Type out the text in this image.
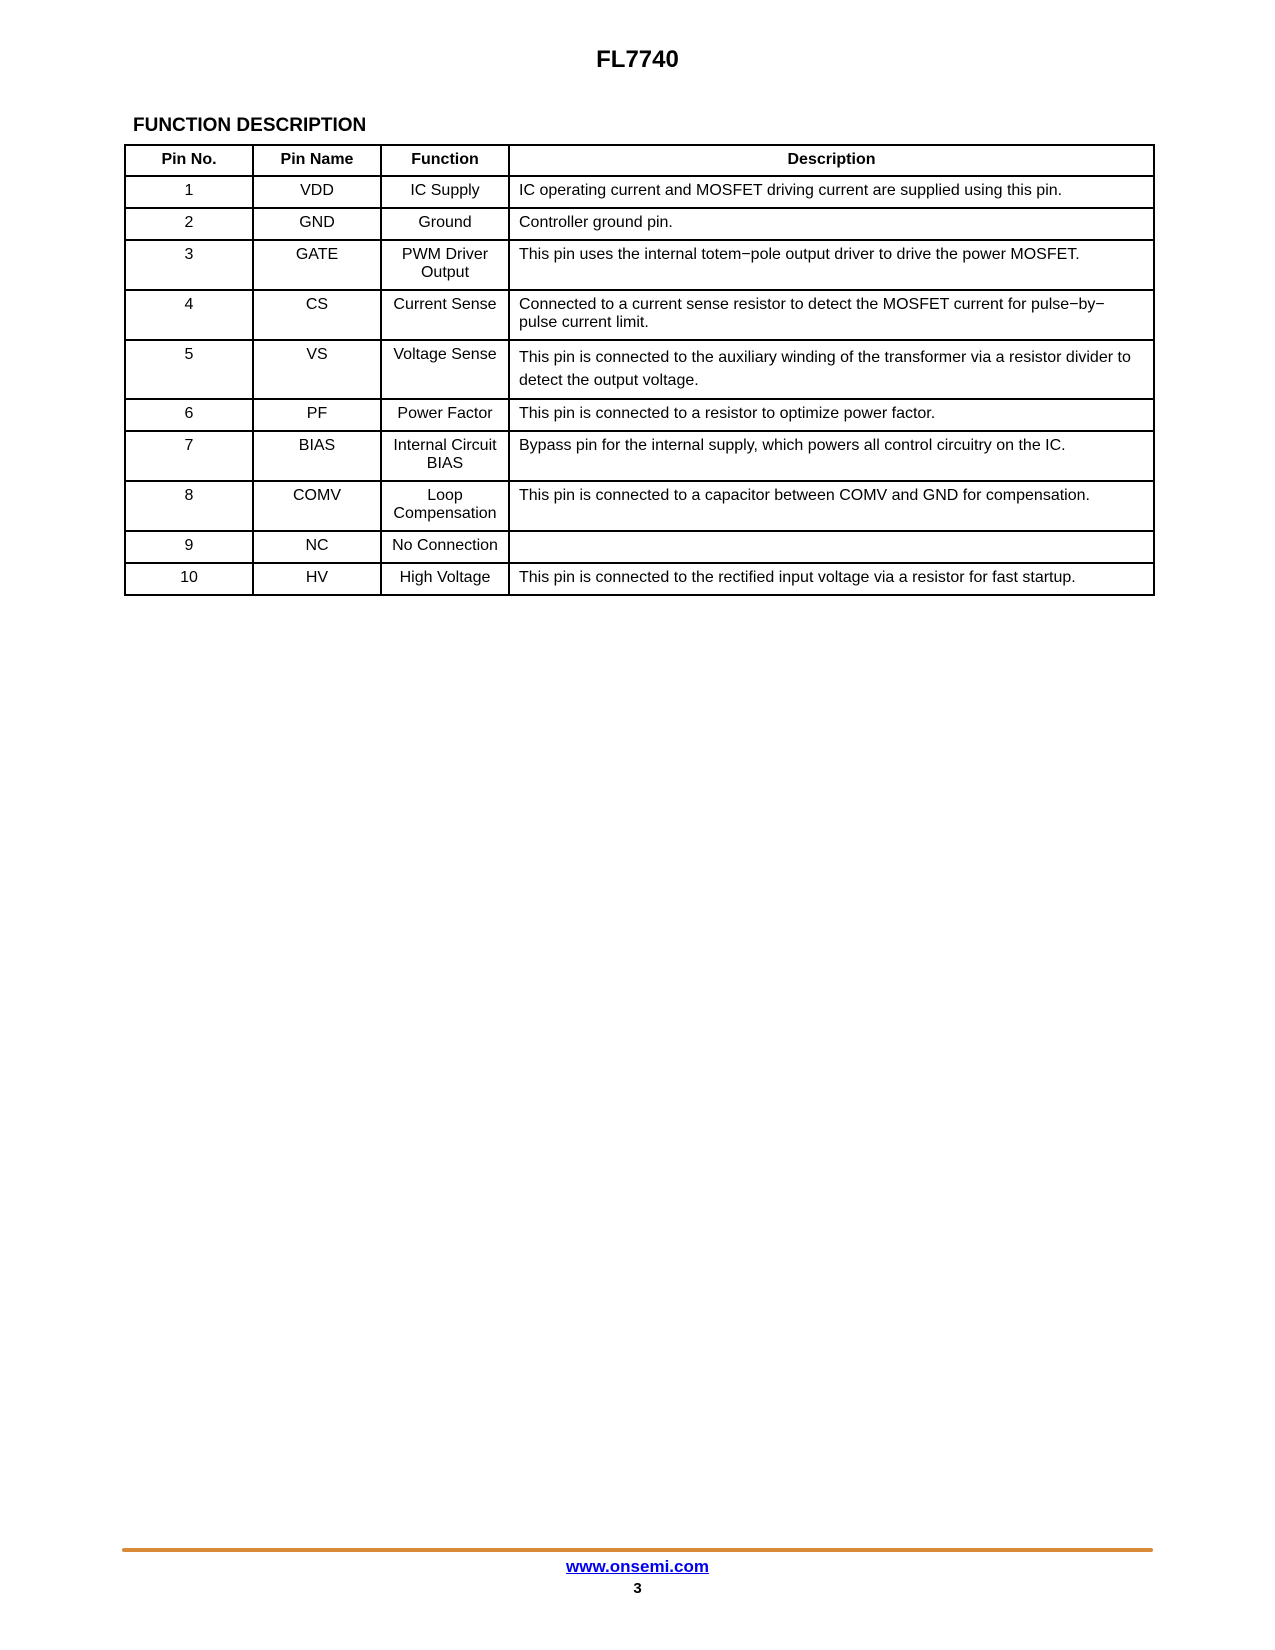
FL7740
FUNCTION DESCRIPTION
Pin No.	Pin Name	Function	Description
1	VDD	IC Supply	IC operating current and MOSFET driving current are supplied using this pin.
2	GND	Ground	Controller ground pin.
3	GATE	PWM Driver Output	This pin uses the internal totem−pole output driver to drive the power MOSFET.
4	CS	Current Sense	Connected to a current sense resistor to detect the MOSFET current for pulse−by− pulse current limit.
5	VS	Voltage Sense	This pin is connected to the auxiliary winding of the transformer via a resistor divider to detect the output voltage.
6	PF	Power Factor	This pin is connected to a resistor to optimize power factor.
7	BIAS	Internal Circuit BIAS	Bypass pin for the internal supply, which powers all control circuitry on the IC.
8	COMV	Loop Compensation	This pin is connected to a capacitor between COMV and GND for compensation.
9	NC	No Connection	
10	HV	High Voltage	This pin is connected to the rectified input voltage via a resistor for fast startup.
www.onsemi.com
3
